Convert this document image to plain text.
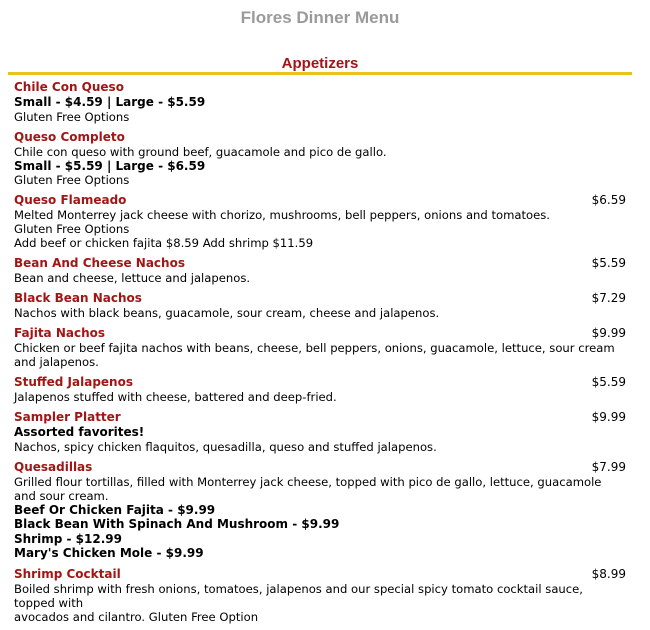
Flores Dinner Menu
Appetizers
Chile Con Queso
Small - $4.59 | Large - $5.59
Gluten Free Options
Queso Completo
Chile con queso with ground beef, guacamole and pico de gallo.
Small - $5.59 | Large - $6.59
Gluten Free Options
Queso Flameado	$6.59
Melted Monterrey jack cheese with chorizo, mushrooms, bell peppers, onions and tomatoes.
Gluten Free Options
Add beef or chicken fajita $8.59 Add shrimp $11.59
Bean And Cheese Nachos	$5.59
Bean and cheese, lettuce and jalapenos.
Black Bean Nachos	$7.29
Nachos with black beans, guacamole, sour cream, cheese and jalapenos.
Fajita Nachos	$9.99
Chicken or beef fajita nachos with beans, cheese, bell peppers, onions, guacamole, lettuce, sour cream and jalapenos.
Stuffed Jalapenos	$5.59
Jalapenos stuffed with cheese, battered and deep-fried.
Sampler Platter	$9.99
Assorted favorites!
Nachos, spicy chicken flaquitos, quesadilla, queso and stuffed jalapenos.
Quesadillas	$7.99
Grilled flour tortillas, filled with Monterrey jack cheese, topped with pico de gallo, lettuce, guacamole and sour cream.
Beef Or Chicken Fajita - $9.99
Black Bean With Spinach And Mushroom - $9.99
Shrimp - $12.99
Mary's Chicken Mole - $9.99
Shrimp Cocktail	$8.99
Boiled shrimp with fresh onions, tomatoes, jalapenos and our special spicy tomato cocktail sauce, topped with
avocados and cilantro. Gluten Free Option
